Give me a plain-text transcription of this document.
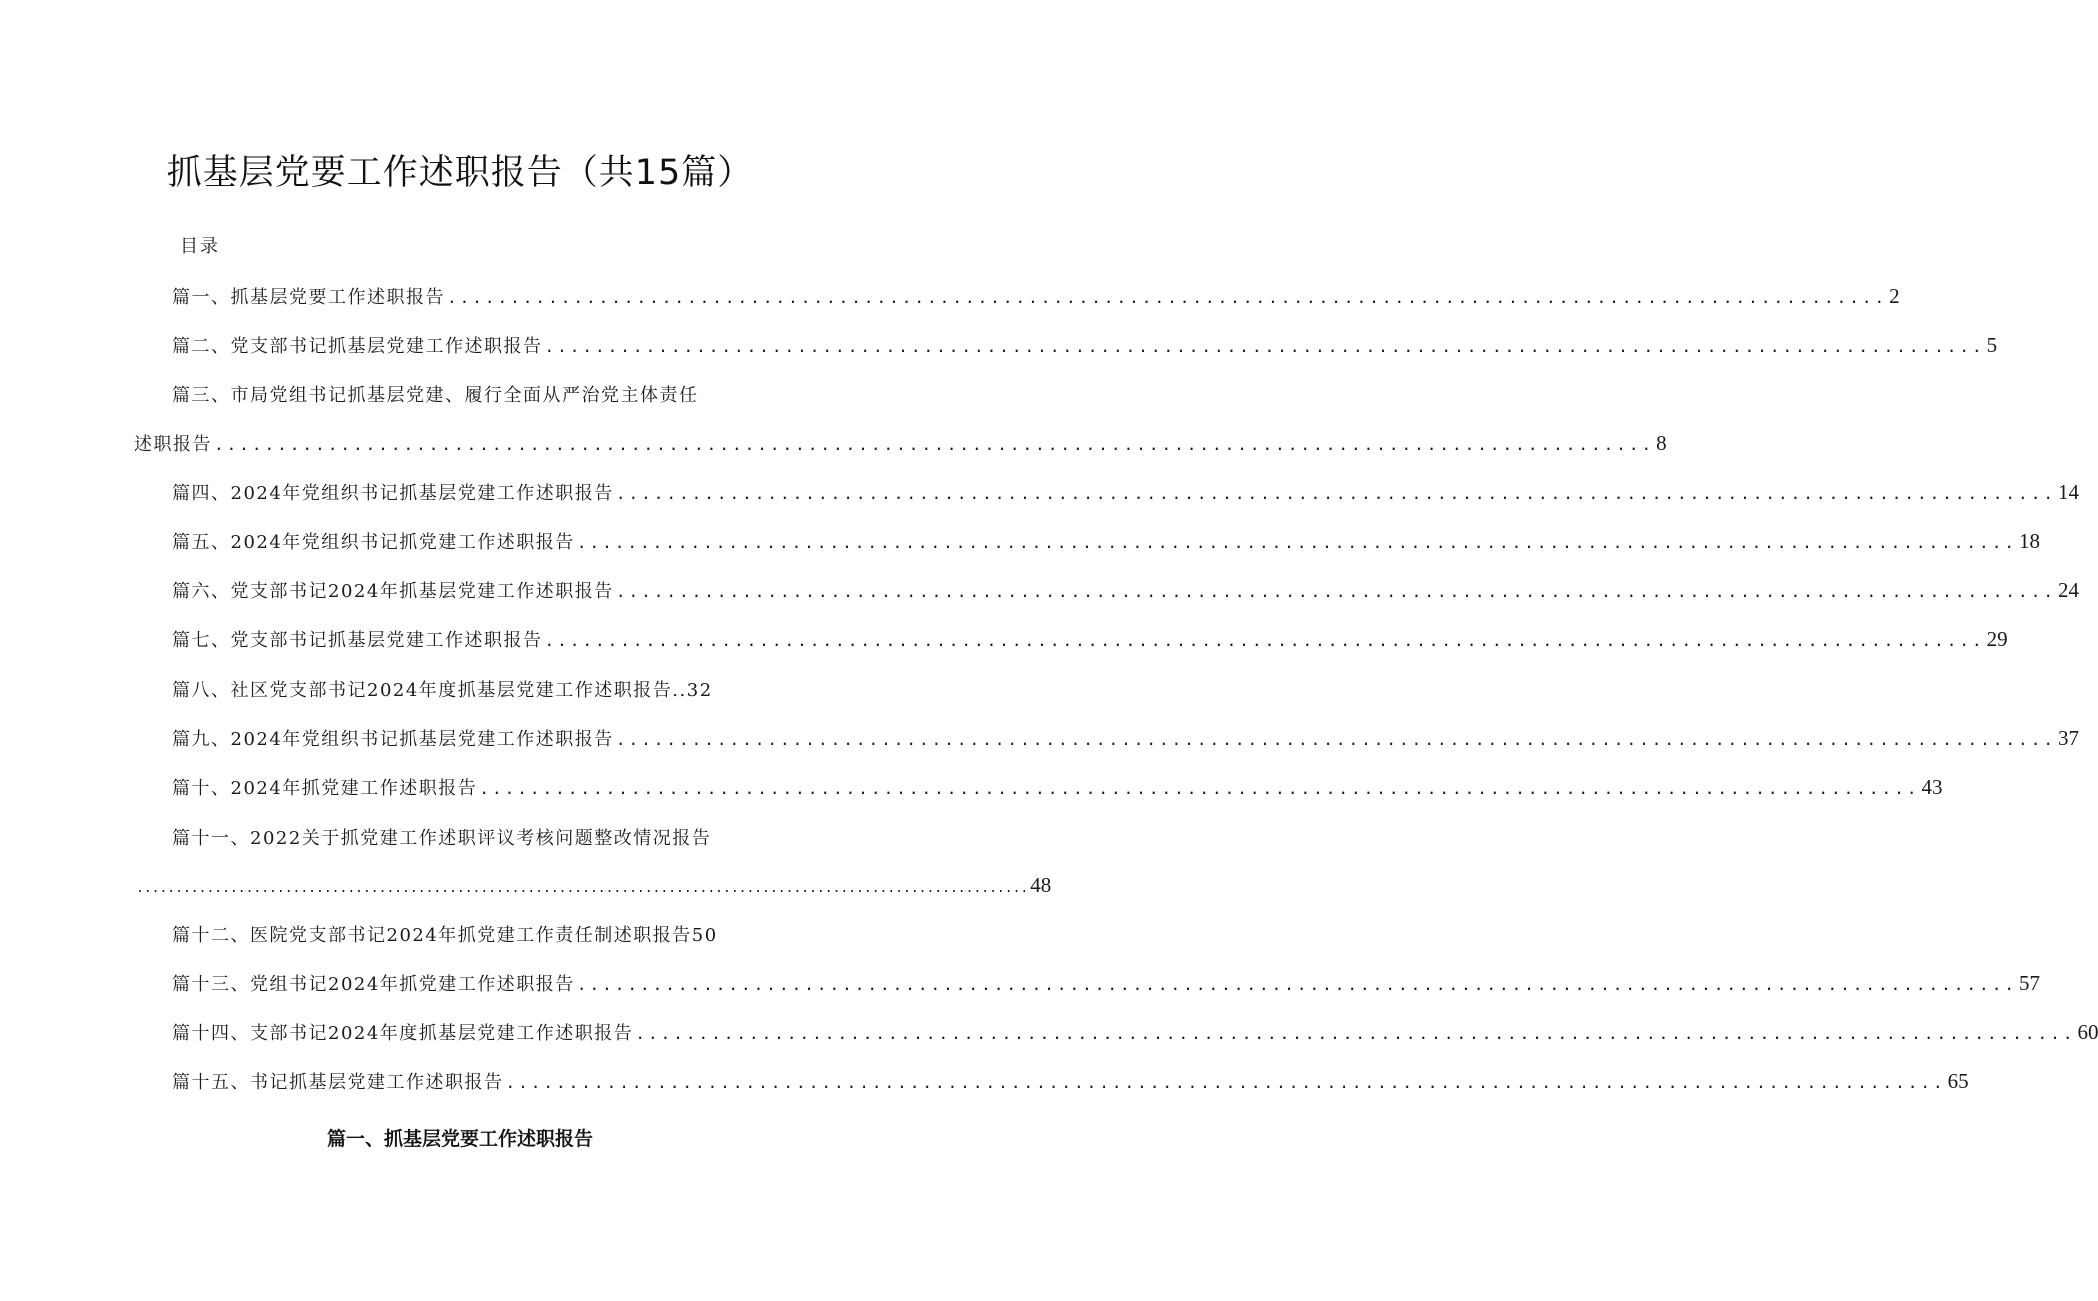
抓基层党要工作述职报告（共15篇）
目录
篇一、抓基层党要工作述职报告 .................................................................................................................. 2
篇二、党支部书记抓基层党建工作述职报告 .................................................................................................................. 5
篇三、市局党组书记抓基层党建、履行全面从严治党主体责任
述职报告 .................................................................................................................. 8
篇四、2024年党组织书记抓基层党建工作述职报告 .................................................................................................................. 14
篇五、2024年党组织书记抓党建工作述职报告 .................................................................................................................. 18
篇六、党支部书记2024年抓基层党建工作述职报告 .................................................................................................................. 24
篇七、党支部书记抓基层党建工作述职报告 .................................................................................................................. 29
篇八、社区党支部书记2024年度抓基层党建工作述职报告..32
篇九、2024年党组织书记抓基层党建工作述职报告 .................................................................................................................. 37
篇十、2024年抓党建工作述职报告 .................................................................................................................. 43
篇十一、2022关于抓党建工作述职评议考核问题整改情况报告
.................................................................................................................. 48
篇十二、医院党支部书记2024年抓党建工作责任制述职报告50
篇十三、党组书记2024年抓党建工作述职报告 .................................................................................................................. 57
篇十四、支部书记2024年度抓基层党建工作述职报告 .................................................................................................................. 60
篇十五、书记抓基层党建工作述职报告 .................................................................................................................. 65
篇一、抓基层党要工作述职报告
